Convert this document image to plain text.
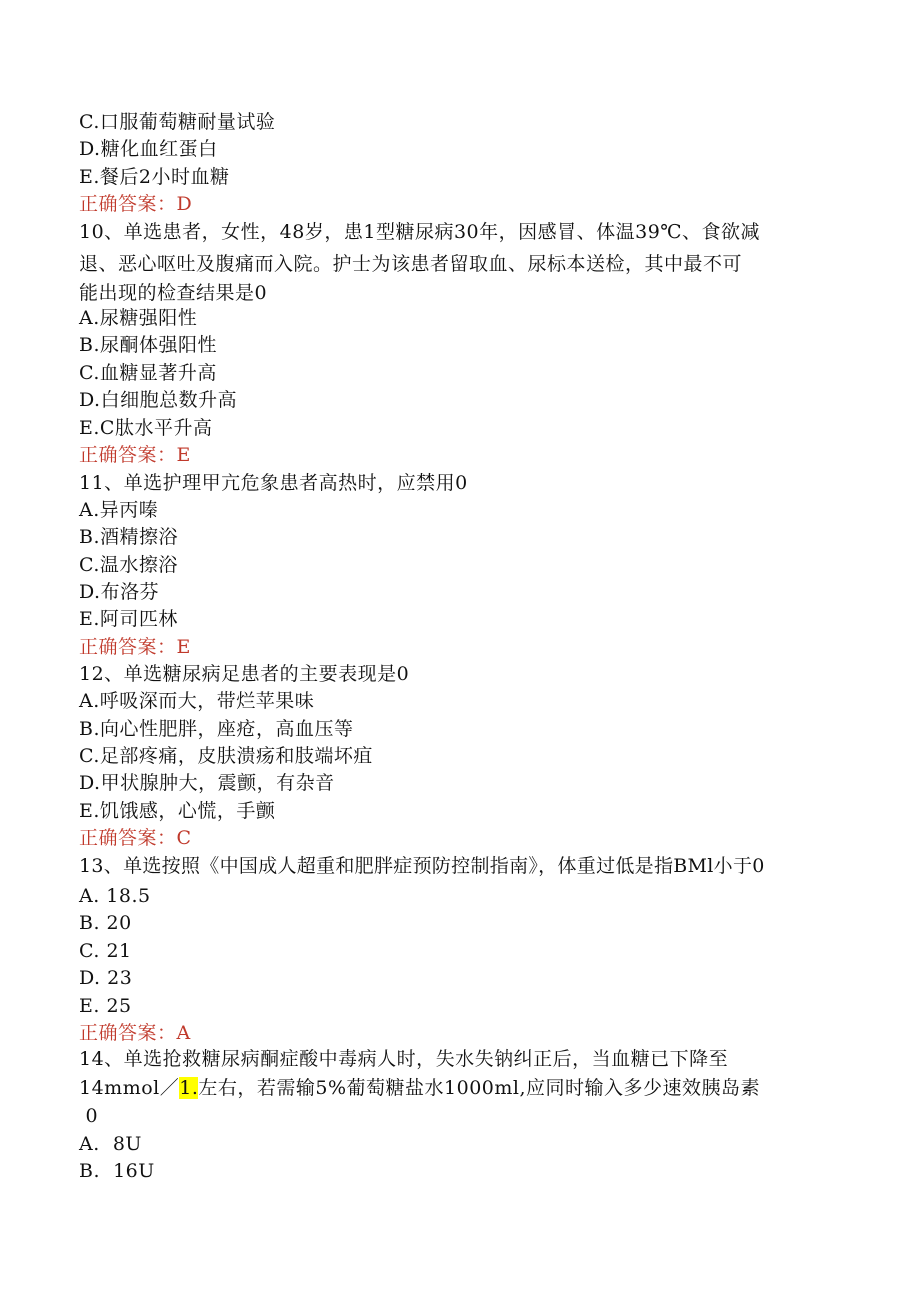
C.口服葡萄糖耐量试验
D.糖化血红蛋白
E.餐后2小时血糖
正确答案：D
10、单选患者，女性，48岁，患1型糖尿病30年，因感冒、体温39℃、食欲减
退、恶心呕吐及腹痛而入院。护士为该患者留取血、尿标本送检，其中最不可
能出现的检查结果是0
A.尿糖强阳性
B.尿酮体强阳性
C.血糖显著升高
D.白细胞总数升高
E.C肽水平升高
正确答案：E
11、单选护理甲亢危象患者高热时，应禁用0
A.异丙嗪
B.酒精擦浴
C.温水擦浴
D.布洛芬
E.阿司匹林
正确答案：E
12、单选糖尿病足患者的主要表现是0
A.呼吸深而大，带烂苹果味
B.向心性肥胖，座疮，高血压等
C.足部疼痛，皮肤溃疡和肢端坏疽
D.甲状腺肿大，震颤，有杂音
E.饥饿感，心慌，手颤
正确答案：C
13、单选按照《中国成人超重和肥胖症预防控制指南》，体重过低是指BMl小于0
A. 18.5
B. 20
C. 21
D. 23
E. 25
正确答案：A
14、单选抢救糖尿病酮症酸中毒病人时，失水失钠纠正后，当血糖已下降至
14mmol／1.左右，若需输5%葡萄糖盐水1000ml,应同时输入多少速效胰岛素
0
A.  8U
B.  16U
